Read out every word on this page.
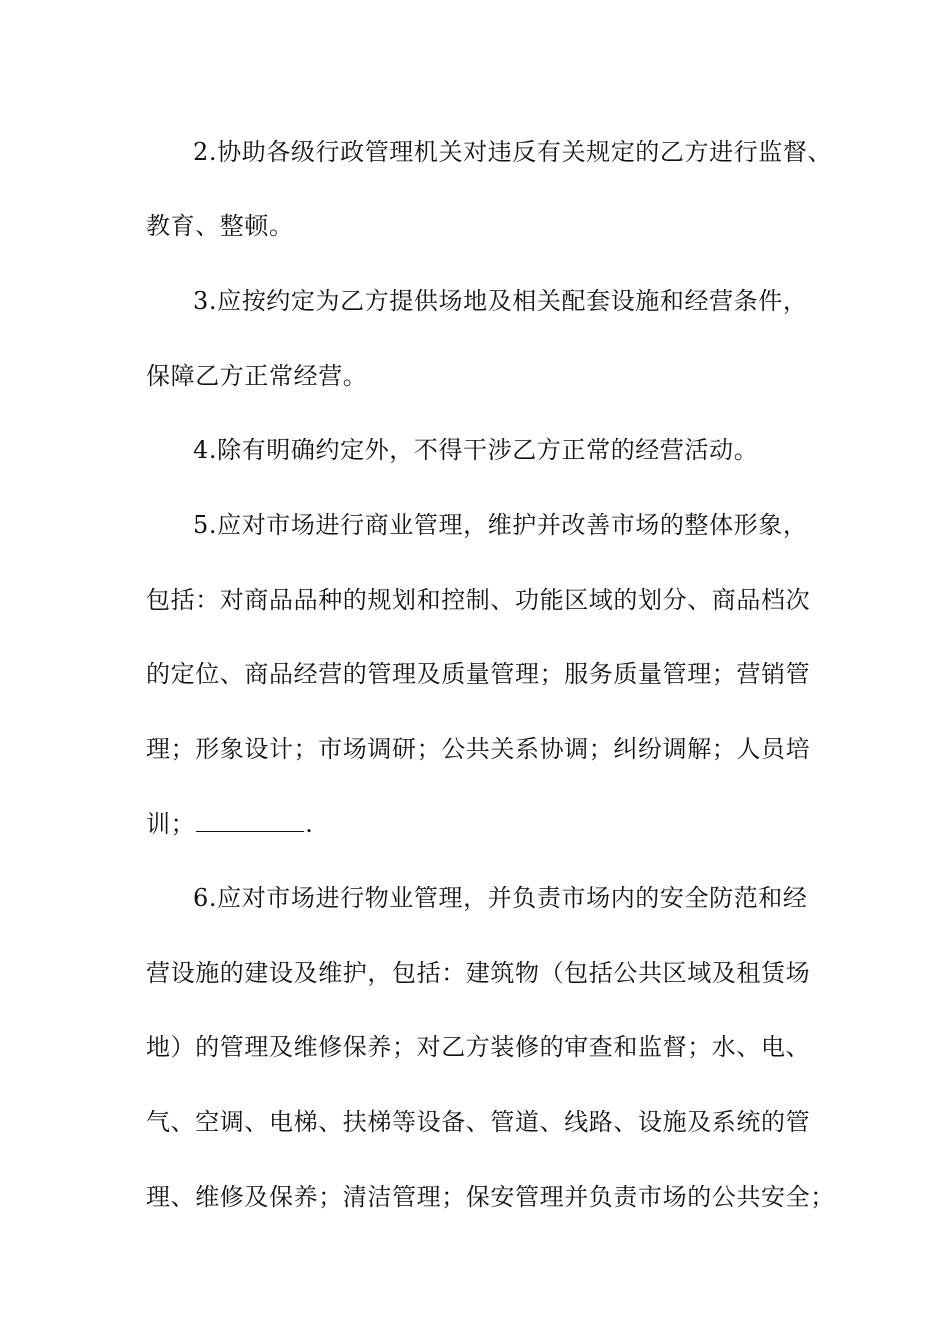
2.协助各级行政管理机关对违反有关规定的乙方进行监督、
教育、整顿。
3.应按约定为乙方提供场地及相关配套设施和经营条件，
保障乙方正常经营。
4.除有明确约定外，不得干涉乙方正常的经营活动。
5.应对市场进行商业管理，维护并改善市场的整体形象，
包括：对商品品种的规划和控制、功能区域的划分、商品档次
的定位、商品经营的管理及质量管理；服务质量管理；营销管
理；形象设计；市场调研；公共关系协调；纠纷调解；人员培
训；	.
6.应对市场进行物业管理，并负责市场内的安全防范和经
营设施的建设及维护，包括：建筑物（包括公共区域及租赁场
地）的管理及维修保养；对乙方装修的审查和监督；水、电、
气、空调、电梯、扶梯等设备、管道、线路、设施及系统的管
理、维修及保养；清洁管理；保安管理并负责市场的公共安全；
